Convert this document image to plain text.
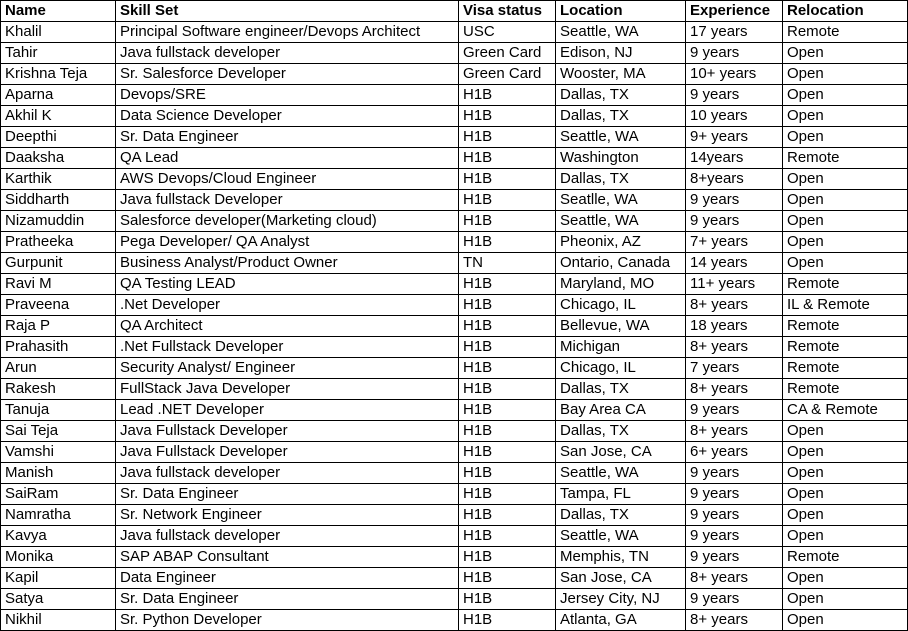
Name	Skill Set	Visa status	Location	Experience	Relocation
Khalil	Principal Software engineer/Devops Architect	USC	Seattle, WA	17 years	Remote
Tahir	Java fullstack developer	Green Card	Edison, NJ	9 years	Open
Krishna Teja	Sr. Salesforce Developer	Green Card	Wooster, MA	10+ years	Open
Aparna	Devops/SRE	H1B	Dallas, TX	9 years	Open
Akhil K	Data Science Developer	H1B	Dallas, TX	10 years	Open
Deepthi	Sr. Data Engineer	H1B	Seattle, WA	9+ years	Open
Daaksha	QA Lead	H1B	Washington	14years	Remote
Karthik	AWS Devops/Cloud Engineer	H1B	Dallas, TX	8+years	Open
Siddharth	Java fullstack Developer	H1B	Seatlle, WA	9 years	Open
Nizamuddin	Salesforce developer(Marketing cloud)	H1B	Seattle, WA	9 years	Open
Pratheeka	Pega Developer/ QA Analyst	H1B	Pheonix, AZ	7+ years	Open
Gurpunit	Business Analyst/Product Owner	TN	Ontario, Canada	14 years	Open
Ravi M	QA Testing LEAD	H1B	Maryland, MO	11+ years	Remote
Praveena	.Net Developer	H1B	Chicago, IL	8+ years	IL & Remote
Raja P	QA Architect	H1B	Bellevue, WA	18 years	Remote
Prahasith	.Net Fullstack Developer	H1B	Michigan	8+ years	Remote
Arun	Security Analyst/ Engineer	H1B	Chicago, IL	7 years	Remote
Rakesh	FullStack Java Developer	H1B	Dallas, TX	8+ years	Remote
Tanuja	Lead .NET Developer	H1B	Bay Area CA	9 years	CA & Remote
Sai Teja	Java Fullstack Developer	H1B	Dallas, TX	8+ years	Open
Vamshi	Java Fullstack Developer	H1B	San Jose, CA	6+ years	Open
Manish	Java fullstack developer	H1B	Seattle, WA	9 years	Open
SaiRam	Sr. Data Engineer	H1B	Tampa, FL	9 years	Open
Namratha	Sr. Network Engineer	H1B	Dallas, TX	9 years	Open
Kavya	Java fullstack developer	H1B	Seattle, WA	9 years	Open
Monika	SAP ABAP Consultant	H1B	Memphis, TN	9 years	Remote
Kapil	Data Engineer	H1B	San Jose, CA	8+ years	Open
Satya	Sr. Data Engineer	H1B	Jersey City, NJ	9 years	Open
Nikhil	Sr. Python Developer	H1B	Atlanta, GA	8+ years	Open
